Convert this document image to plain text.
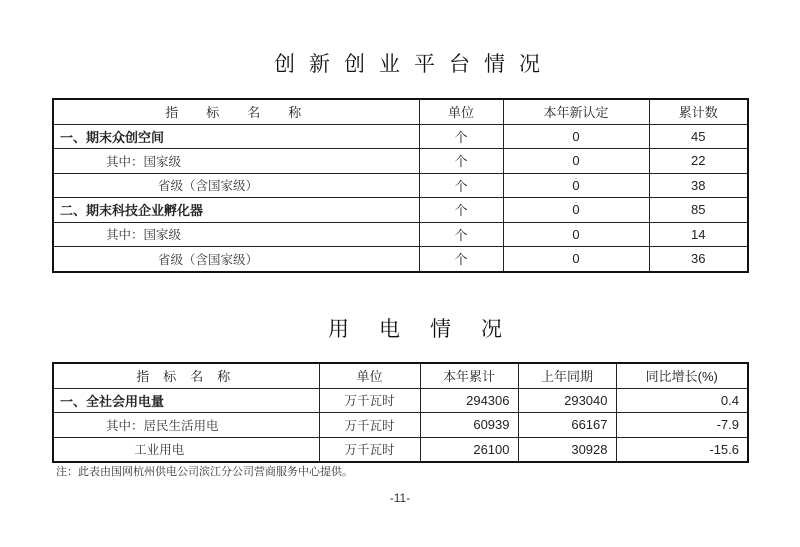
创新创业平台情况
指标名称	单位	本年新认定	累计数
一、期末众创空间	个	0	45
其中：国家级	个	0	22
省级（含国家级）	个	0	38
二、期末科技企业孵化器	个	0	85
其中：国家级	个	0	14
省级（含国家级）	个	0	36
用电情况
指标名称	单位	本年累计	上年同期	同比增长(%)
一、全社会用电量	万千瓦时	294306	293040	0.4
其中：居民生活用电	万千瓦时	60939	66167	-7.9
工业用电	万千瓦时	26100	30928	-15.6
注：此表由国网杭州供电公司滨江分公司营商服务中心提供。
-11-
